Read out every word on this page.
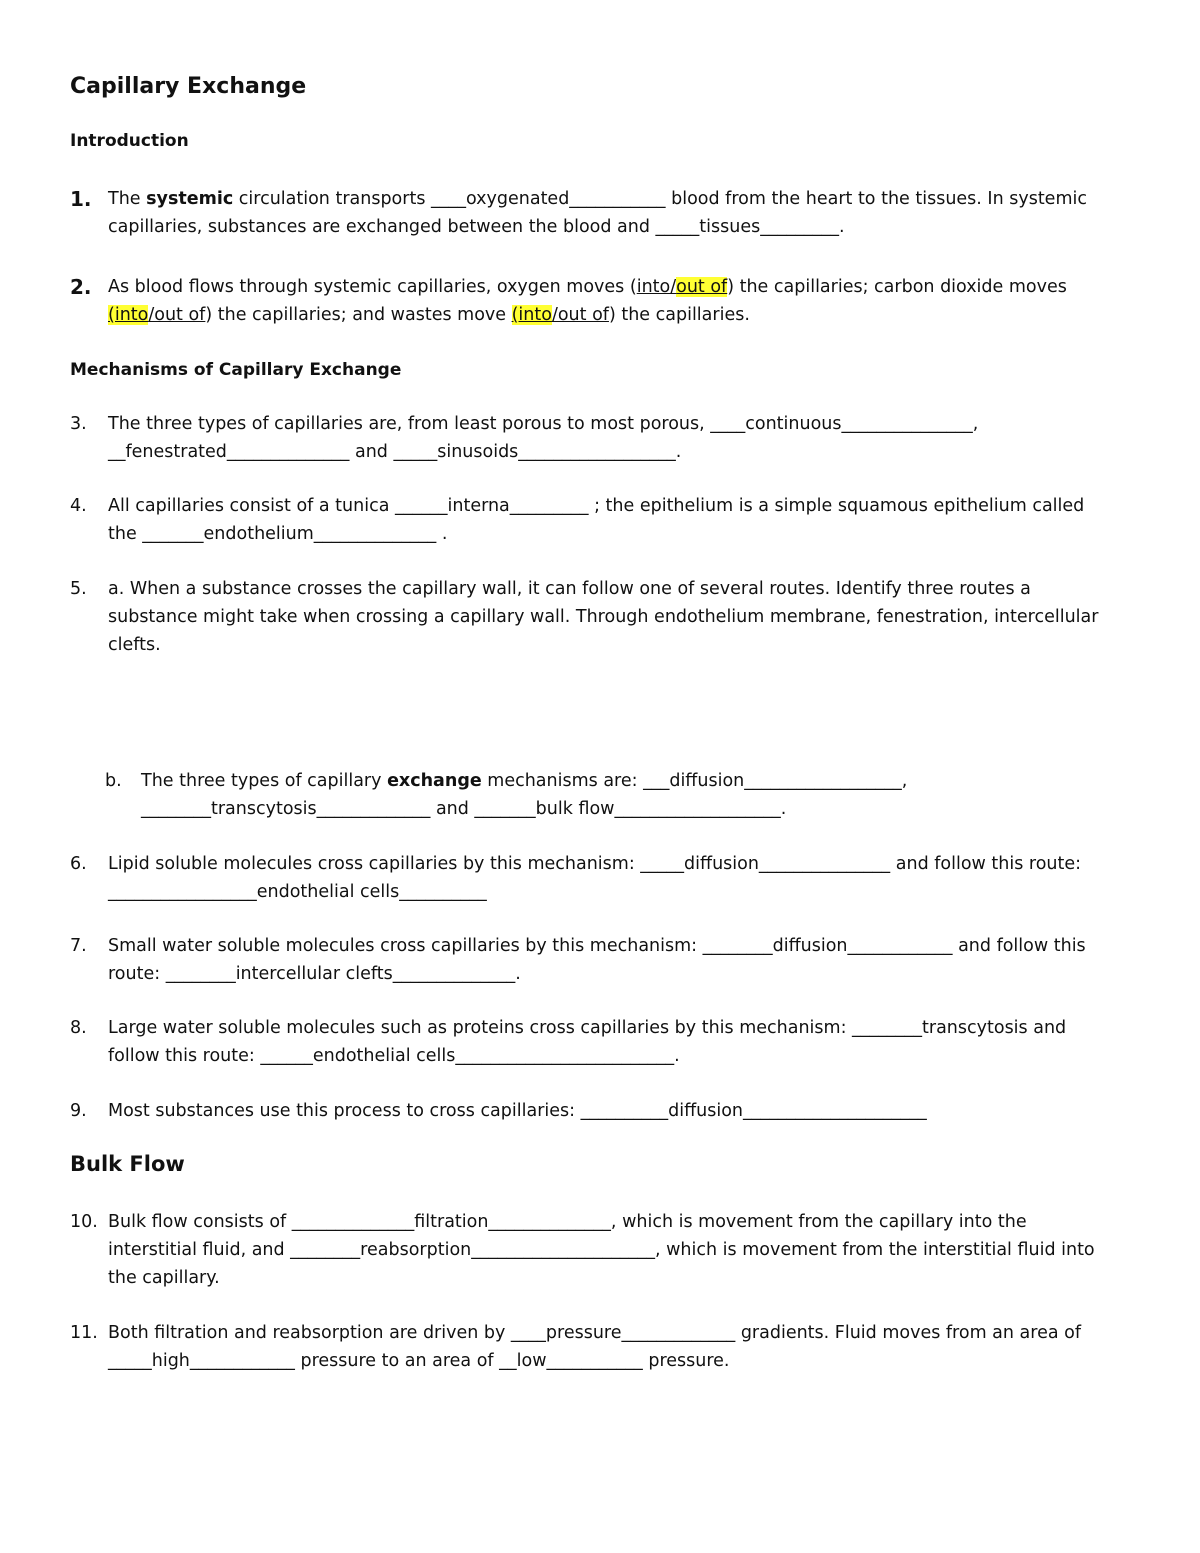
Capillary Exchange
Introduction
1. The systemic circulation transports ____oxygenated___________ blood from the heart to the tissues. In systemic capillaries, substances are exchanged between the blood and _____tissues_________.
2. As blood flows through systemic capillaries, oxygen moves (into/out of) the capillaries; carbon dioxide moves (into/out of) the capillaries; and wastes move (into/out of) the capillaries.
Mechanisms of Capillary Exchange
3. The three types of capillaries are, from least porous to most porous, ____continuous_______________, __fenestrated______________ and _____sinusoids__________________.
4. All capillaries consist of a tunica ______interna_________ ; the epithelium is a simple squamous epithelium called the _______endothelium______________ .
5. a. When a substance crosses the capillary wall, it can follow one of several routes. Identify three routes a substance might take when crossing a capillary wall. Through endothelium membrane, fenestration, intercellular clefts.
b. The three types of capillary exchange mechanisms are: ___diffusion__________________, ________transcytosis_____________ and _______bulk flow___________________.
6. Lipid soluble molecules cross capillaries by this mechanism: _____diffusion_______________ and follow this route: _________________endothelial cells__________
7. Small water soluble molecules cross capillaries by this mechanism: ________diffusion____________ and follow this route: ________intercellular clefts______________.
8. Large water soluble molecules such as proteins cross capillaries by this mechanism: ________transcytosis and follow this route: ______endothelial cells_________________________.
9. Most substances use this process to cross capillaries: __________diffusion_____________________
Bulk Flow
10. Bulk flow consists of ______________filtration______________, which is movement from the capillary into the interstitial fluid, and ________reabsorption_____________________, which is movement from the interstitial fluid into the capillary.
11. Both filtration and reabsorption are driven by ____pressure_____________ gradients. Fluid moves from an area of _____high____________ pressure to an area of __low___________ pressure.
